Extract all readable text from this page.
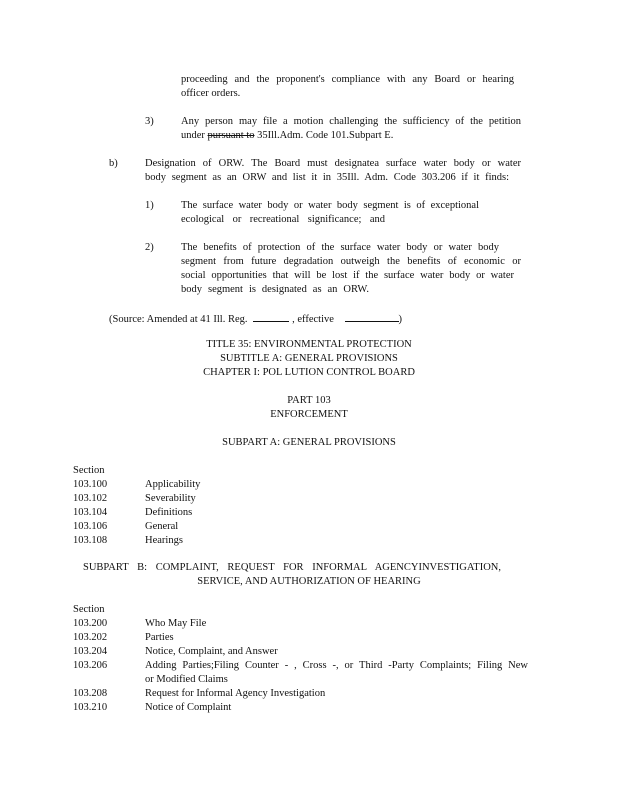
proceeding and the proponent's compliance with any Board or hearing
officer orders.
3)	Any person may file a motion challenging the sufficiency of the petition
under pursuant to 35Ill.Adm. Code 101.Subpart E.
b)	Designation of ORW. The Board must designatea surface water body or water
body segment as an ORW and list it in 35Ill. Adm. Code 303.206 if it finds:
1)	The surface water body or water body segment is of exceptional
ecological or recreational significance; and
2)	The benefits of protection of the surface water body or water body
segment from future degradation outweigh the benefits of economic or
social opportunities that will be lost if the surface water body or water
body segment is designated as an ORW.
(Source: Amended at 41 Ill. Reg.	, effective	)
TITLE 35: ENVIRONMENTAL PROTECTION
SUBTITLE A: GENERAL PROVISIONS
CHAPTER I: POL LUTION CONTROL BOARD
PART 103
ENFORCEMENT
SUBPART A: GENERAL PROVISIONS
Section
103.100	Applicability
103.102	Severability
103.104	Definitions
103.106	General
103.108	Hearings
SUBPART B: COMPLAINT, REQUEST FOR INFORMAL AGENCYINVESTIGATION,
SERVICE, AND AUTHORIZATION OF HEARING
Section
103.200	Who May File
103.202	Parties
103.204	Notice, Complaint, and Answer
103.206	Adding Parties;Filing Counter - , Cross -, or Third -Party Complaints; Filing New
or Modified Claims
103.208	Request for Informal Agency Investigation
103.210	Notice of Complaint
